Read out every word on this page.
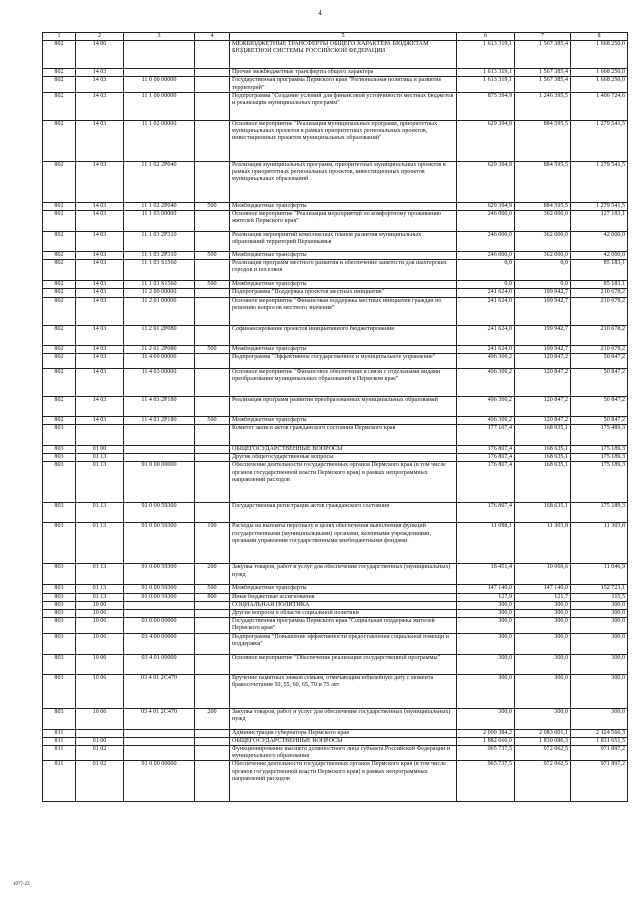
4
1	2	3	4	5	6	7	8
802	14 00			МЕЖБЮДЖЕТНЫЕ ТРАНСФЕРТЫ ОБЩЕГО ХАРАКТЕРА БЮДЖЕТАМ БЮДЖЕТНОЙ СИСТЕМЫ РОССИЙСКОЙ ФЕДЕРАЦИИ	1 613 319,1	1 567 385,4	1 668 250,0
802	14 03			Прочие межбюджетные трансферты общего характера	1 613 319,1	1 567 385,4	1 668 250,0
802	14 03	11 0 00 00000		Государственная программа Пермского края "Региональная политика и развитие территорий"	1 613 319,1	1 567 385,4	1 668 250,0
802	14 03	11 1 00 00000		Подпрограмма "Создание условий для финансовой устойчивости местных бюджетов и реализации муниципальных программ"	875 394,9	1 246 395,5	1 406 724,6
802	14 03	11 1 02 00000		Основное мероприятие "Реализация муниципальных программ, приоритетных муниципальных проектов в рамках приоритетных региональных проектов, инвестиционных проектов муниципальных образований"	629 394,9	884 595,5	1 279 541,5
802	14 03	11 1 02 2P040		Реализация муниципальных программ, приоритетных муниципальных проектов в рамках приоритетных региональных проектов, инвестиционных проектов муниципальных образований	629 394,9	884 595,5	1 279 541,5
802	14 03	11 1 02 2P040	500	Межбюджетные трансферты	629 394,9	884 595,5	1 279 541,5
802	14 03	11 1 03 00000		Основное мероприятие "Реализация мероприятий по комфортному проживанию жителей Пермского края"	246 000,0	362 000,0	127 183,1
802	14 03	11 1 03 2P310		Реализация мероприятий комплексных планов развития муниципальных образований территорий Верхнекамья	246 000,0	362 000,0	42 000,0
802	14 03	11 1 03 2P310	500	Межбюджетные трансферты	246 000,0	362 000,0	42 000,0
802	14 03	11 1 03 S1560		Реализация программ местного развития и обеспечение занятости для шахтерских городов и поселков	0,0	0,0	85 183,1
802	14 03	11 1 03 S1560	500	Межбюджетные трансферты	0,0	0,0	85 183,1
802	14 03	11 2 00 00000		Подпрограмма "Поддержка проектов местных инициатив"	241 624,0	199 942,7	210 678,2
802	14 03	11 2 01 00000		Основное мероприятие "Финансовая поддержка местных инициатив граждан по решению вопросов местного значения"	241 624,0	199 942,7	210 678,2
802	14 03	11 2 01 2P080		Софинансирование проектов инициативного бюджетирования	241 624,0	199 942,7	210 678,2
802	14 03	11 2 01 2P080	500	Межбюджетные трансферты	241 624,0	199 942,7	210 678,2
802	14 03	11 4 00 00000		Подпрограмма "Эффективное государственное и муниципальное управление"	496 300,2	120 847,2	50 847,2
802	14 03	11 4 03 00000		Основное мероприятие "Финансовое обеспечение в связи с отдельными видами преобразования муниципальных образований в Пермском крае"	496 300,2	120 847,2	50 847,2
802	14 03	11 4 03 2P180		Реализация программ развития преобразованных муниципальных образований	496 300,2	120 847,2	50 847,2
802	14 03	11 4 03 2P180	500	Межбюджетные трансферты	496 300,2	120 847,2	50 847,2
803				Комитет записи актов гражданского состояния Пермского края	177 107,4	168 935,1	175 489,3
803	01 00			ОБЩЕГОСУДАРСТВЕННЫЕ ВОПРОСЫ	176 807,4	168 635,1	175 189,3
803	01 13			Другие общегосударственные вопросы	176 807,4	168 635,1	175 189,3
803	01 13	91 0 00 00000		Обеспечение деятельности государственных органов Пермского края (в том числе органов государственной власти Пермского края) в рамках непрограммных направлений расходов	176 807,4	168 635,1	175 189,3
803	01 13	91 0 00 59300		Государственная регистрация актов гражданского состояния	176 807,4	168 635,1	175 189,3
803	01 13	91 0 00 59300	100	Расходы на выплаты персоналу в целях обеспечения выполнения функций государственными (муниципальными) органами, казенными учреждениями, органами управления государственными внебюджетными фондами	11 088,1	11 303,8	11 303,8
803	01 13	91 0 00 59300	200	Закупка товаров, работ и услуг для обеспечения государственных (муниципальных) нужд	18 451,4	10 069,6	11 046,9
803	01 13	91 0 00 59300	500	Межбюджетные трансферты	147 140,0	147 140,0	152 723,1
803	01 13	91 0 00 59300	800	Иные бюджетные ассигнования	127,9	121,7	115,5
803	10 00			СОЦИАЛЬНАЯ ПОЛИТИКА	300,0	300,0	300,0
803	10 06			Другие вопросы в области социальной политики	300,0	300,0	300,0
803	10 06	03 0 00 00000		Государственная программа Пермского края "Социальная поддержка жителей Пермского края"	300,0	300,0	300,0
803	10 06	03 4 00 00000		Подпрограмма "Повышение эффективности предоставления социальной помощи и поддержки"	300,0	300,0	300,0
803	10 06	03 4 01 00000		Основное мероприятие "Обеспечение реализации государственной программы"	300,0	300,0	300,0
803	10 06	03 4 01 2C470		Вручение памятных знаков семьям, отмечающим юбилейную дату с момента бракосочетания 50, 55, 60, 65, 70 и 75 лет	300,0	300,0	300,0
803	10 06	03 4 01 2C470	200	Закупка товаров, работ и услуг для обеспечения государственных (муниципальных) нужд	300,0	300,0	300,0
811				Администрация губернатора Пермского края	2 099 384,2	2 083 001,1	2 124 566,3
811	01 00			ОБЩЕГОСУДАРСТВЕННЫЕ ВОПРОСЫ	1 882 660,0	1 830 086,3	1 831 651,5
811	01 02			Функционирование высшего должностного лица субъекта Российской Федерации и муниципального образования	965 737,5	972 062,5	971 897,2
811	01 02	91 0 00 00000		Обеспечение деятельности государственных органов Пермского края (в том числе органов государственной власти Пермского края) в рамках непрограммных направлений расходов	965 737,5	972 062,5	971 897,2
1077-22
